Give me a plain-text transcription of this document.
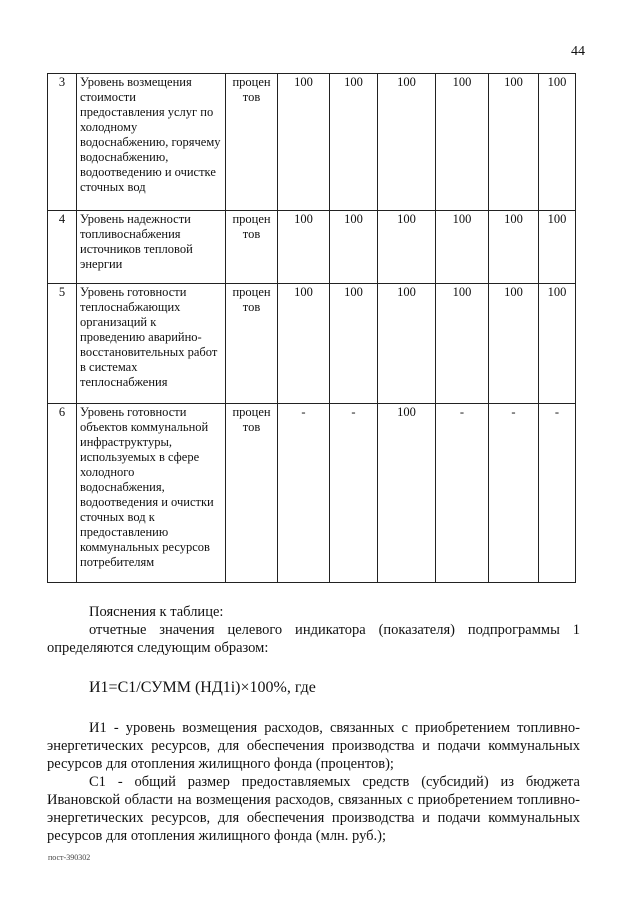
44
3	Уровень возмещения стоимости предоставления услуг по холодному водоснабжению, горячему водоснабжению, водоотведению и очистке сточных вод	процен тов	100	100	100	100	100	100
4	Уровень надежности топливоснабжения источников тепловой энергии	процен тов	100	100	100	100	100	100
5	Уровень готовности теплоснабжающих организаций к проведению аварийно-восстановительных работ в системах теплоснабжения	процен тов	100	100	100	100	100	100
6	Уровень готовности объектов коммунальной инфраструктуры, используемых в сфере холодного водоснабжения, водоотведения и очистки сточных вод к предоставлению коммунальных ресурсов потребителям	процен тов	-	-	100	-	-	-

Пояснения к таблице:

отчетные значения целевого индикатора (показателя) подпрограммы 1 определяются следующим образом:

И1=С1/СУММ (НД1i)×100%, где

И1 - уровень возмещения расходов, связанных с приобретением топливно-энергетических ресурсов, для обеспечения производства и подачи коммунальных ресурсов для отопления жилищного фонда (процентов);

С1 - общий размер предоставляемых средств (субсидий) из бюджета Ивановской области на возмещения расходов, связанных с приобретением топливно-энергетических ресурсов, для обеспечения производства и подачи коммунальных ресурсов для отопления жилищного фонда (млн. руб.);

пост-390302
